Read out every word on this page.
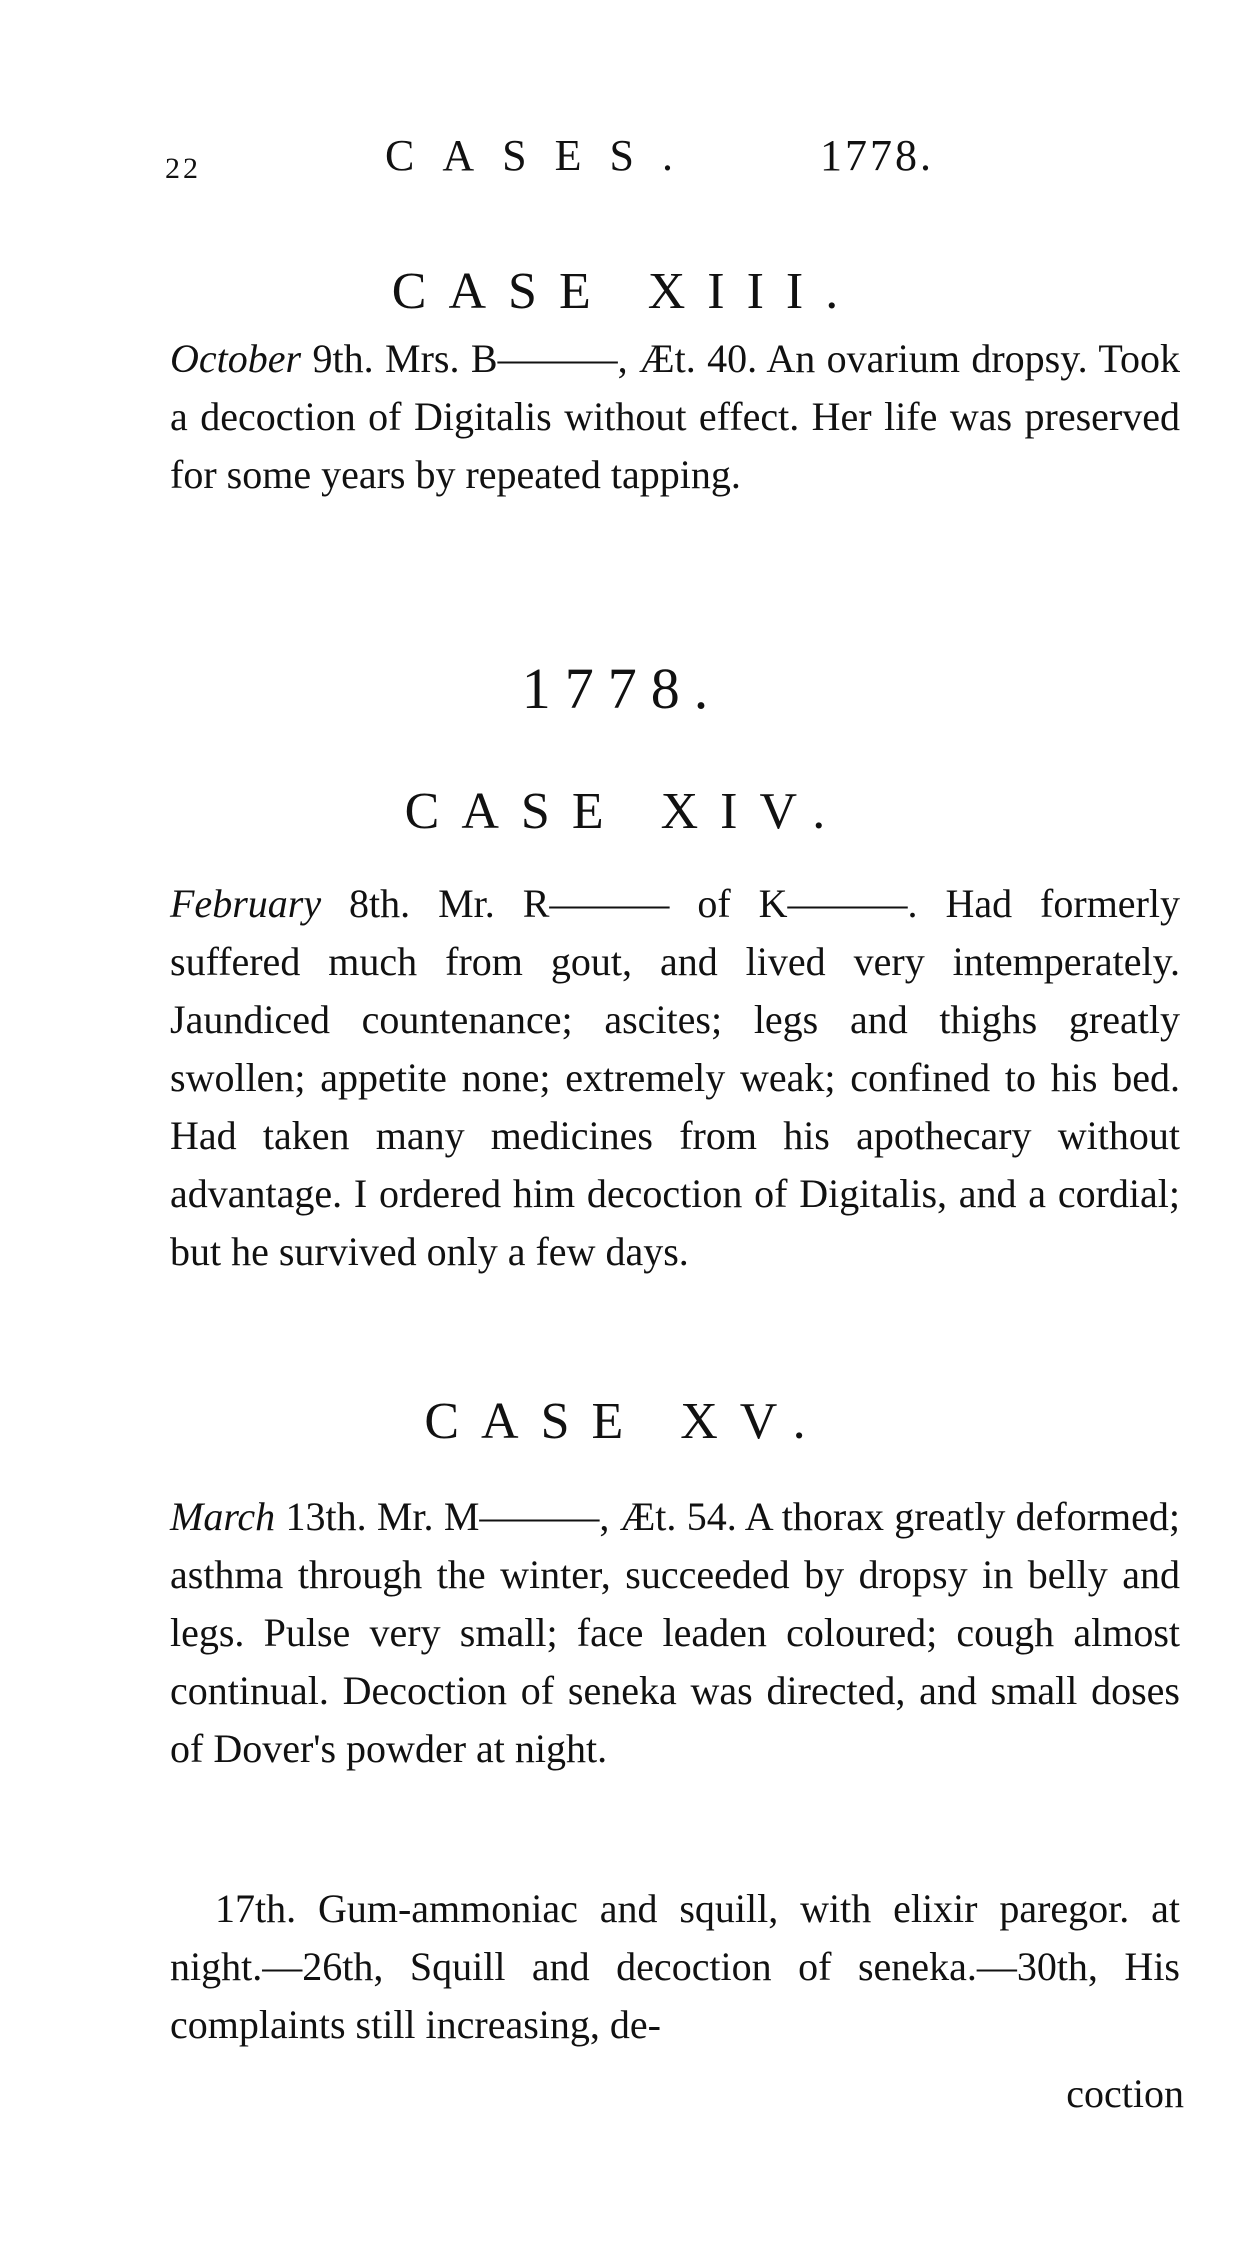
22	CASES.	1778.
CASE XIII.

October 9th. Mrs. B———, Æt. 40. An ovarium dropsy. Took a decoction of Digitalis without effect. Her life was preserved for some years by repeated tapping.

1778.
CASE XIV.

February 8th. Mr. R——— of K———. Had formerly suffered much from gout, and lived very intemperately. Jaundiced countenance; ascites; legs and thighs greatly swollen; appetite none; extremely weak; confined to his bed. Had taken many medicines from his apothecary without advantage. I ordered him decoction of Digitalis, and a cordial; but he survived only a few days.

CASE XV.

March 13th. Mr. M———, Æt. 54. A thorax greatly deformed; asthma through the winter, succeeded by dropsy in belly and legs. Pulse very small; face leaden coloured; cough almost continual. Decoction of seneka was directed, and small doses of Dover's powder at night.

17th. Gum-ammoniac and squill, with elixir paregor. at night.—26th, Squill and decoction of seneka.—30th, His complaints still increasing, de-

coction
